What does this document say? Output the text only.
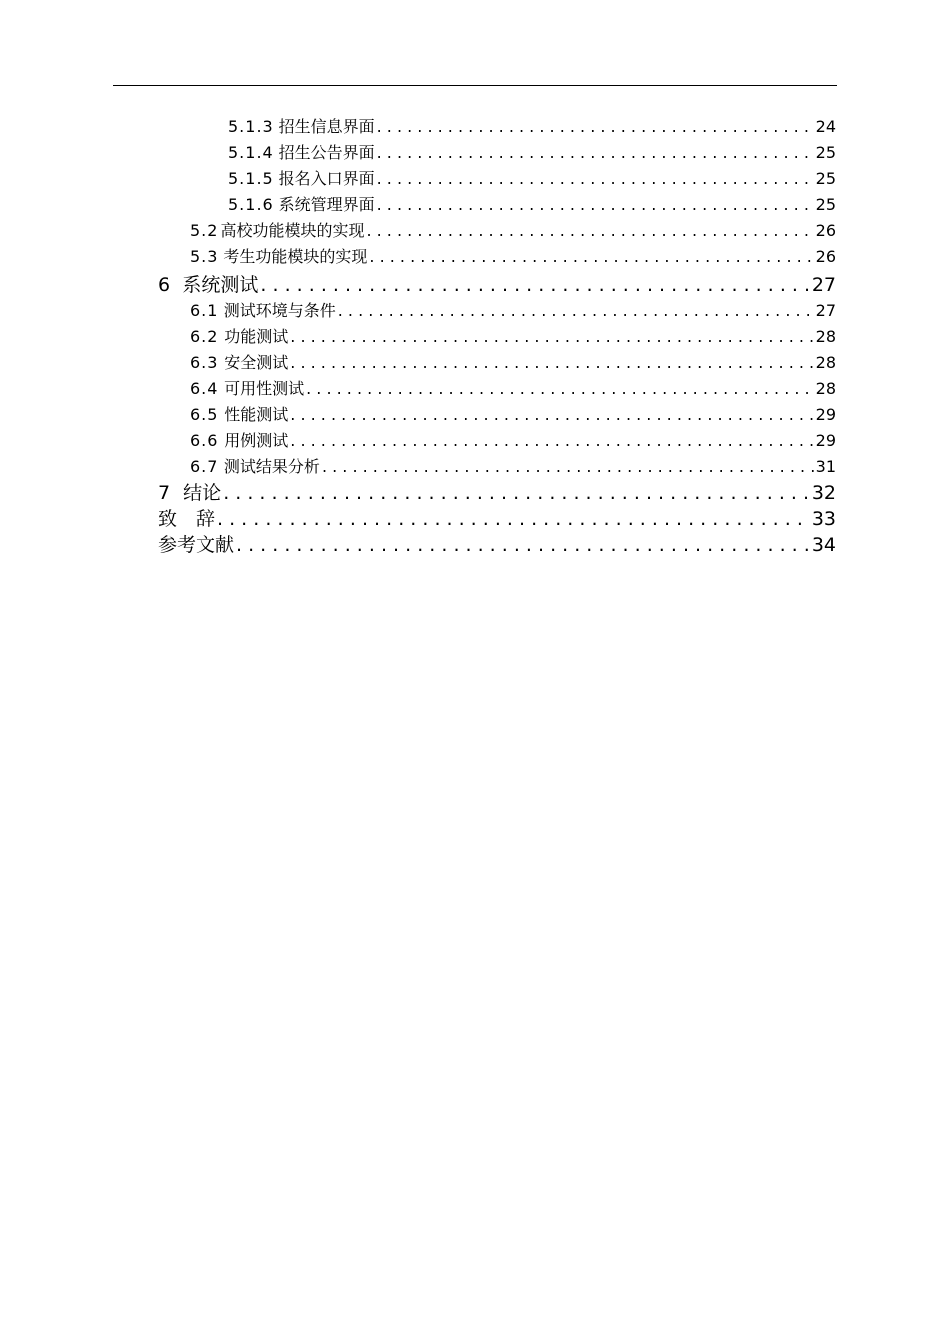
5.1.3 招生信息界面 . . .	24
5.1.4 招生公告界面 . . .	25
5.1.5 报名入口界面 . . .	25
5.1.6 系统管理界面 . . .	25
5.2 高校功能模块的实现 . . .	26
5.3 考生功能模块的实现 . . .	26
6 系统测试 . . .	27
6.1 测试环境与条件 . . .	27
6.2 功能测试 . . .	28
6.3 安全测试 . . .	28
6.4 可用性测试 . . .	28
6.5 性能测试 . . .	29
6.6 用例测试 . . .	29
6.7 测试结果分析 . . .	31
7 结论 . . .	32
致　辞 . . .	33
参考文献 . . .	34
